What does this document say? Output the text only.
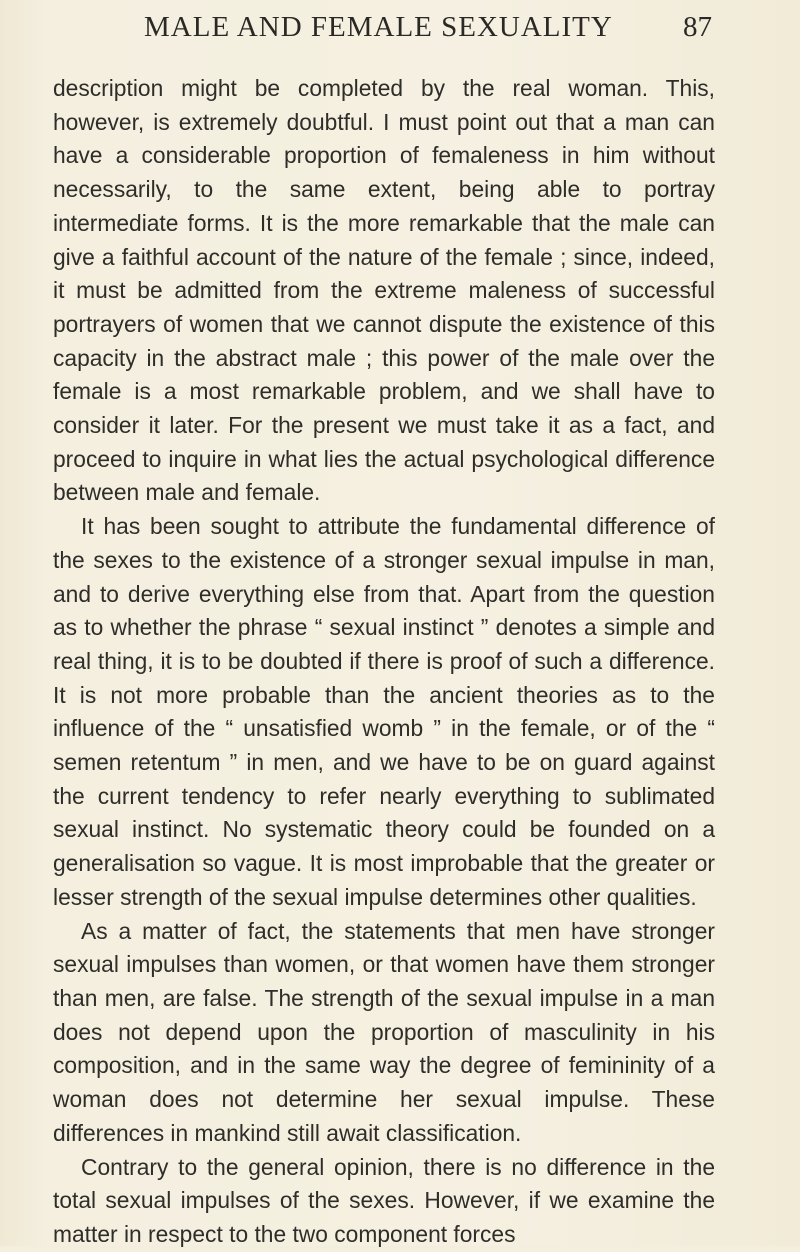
MALE AND FEMALE SEXUALITY 87

description might be completed by the real woman. This, however, is extremely doubtful. I must point out that a man can have a considerable proportion of femaleness in him without necessarily, to the same extent, being able to portray intermediate forms. It is the more remarkable that the male can give a faithful account of the nature of the female ; since, indeed, it must be admitted from the extreme maleness of successful portrayers of women that we cannot dispute the existence of this capacity in the abstract male ; this power of the male over the female is a most remarkable problem, and we shall have to consider it later. For the present we must take it as a fact, and proceed to inquire in what lies the actual psychological difference between male and female.

It has been sought to attribute the fundamental difference of the sexes to the existence of a stronger sexual impulse in man, and to derive everything else from that. Apart from the question as to whether the phrase “ sexual instinct ” denotes a simple and real thing, it is to be doubted if there is proof of such a difference. It is not more probable than the ancient theories as to the influence of the “ unsatisfied womb ” in the female, or of the “ semen retentum ” in men, and we have to be on guard against the current tendency to refer nearly everything to sublimated sexual instinct. No systematic theory could be founded on a generalisation so vague. It is most improbable that the greater or lesser strength of the sexual impulse determines other qualities.

As a matter of fact, the statements that men have stronger sexual impulses than women, or that women have them stronger than men, are false. The strength of the sexual impulse in a man does not depend upon the proportion of masculinity in his composition, and in the same way the degree of femininity of a woman does not determine her sexual impulse. These differences in mankind still await classification.

Contrary to the general opinion, there is no difference in the total sexual impulses of the sexes. However, if we examine the matter in respect to the two component forces
